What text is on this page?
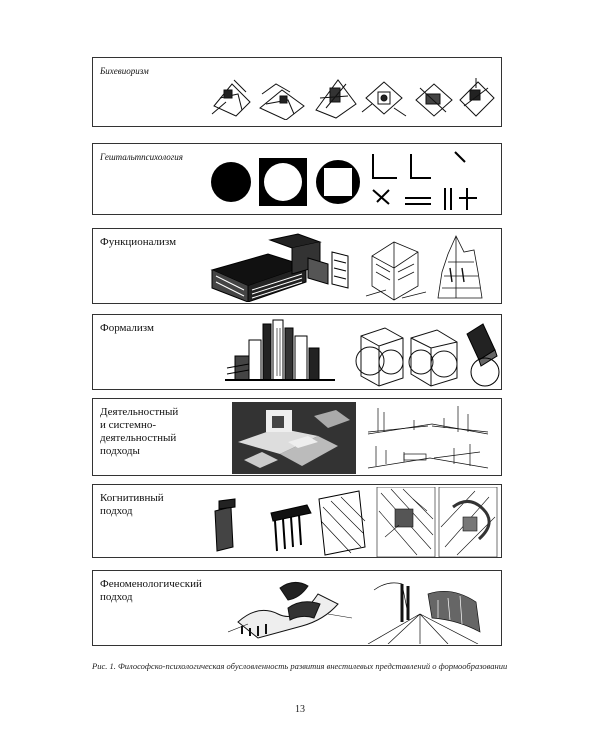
Бихевиоризм
Гештальтпсихология
Функционализм
Формализм
Деятельностный
и системно-
деятельностный
подходы
Когнитивный
подход
Феноменологический
подход
Рис. 1. Философско-психологическая обусловленность развития внестилевых представлений о формообразовании
13
